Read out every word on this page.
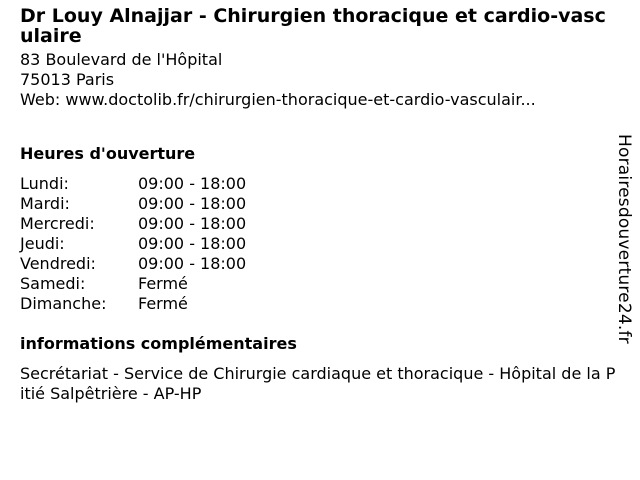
Dr Louy Alnajjar - Chirurgien thoracique et cardio-vasculaire
83 Boulevard de l'Hôpital
75013 Paris
Web: www.doctolib.fr/chirurgien-thoracique-et-cardio-vasculair...
Heures d'ouverture
Lundi:	09:00 - 18:00
Mardi:	09:00 - 18:00
Mercredi:	09:00 - 18:00
Jeudi:	09:00 - 18:00
Vendredi:	09:00 - 18:00
Samedi:	Fermé
Dimanche:	Fermé
informations complémentaires
Secrétariat - Service de Chirurgie cardiaque et thoracique - Hôpital de la Pitié Salpêtrière - AP-HP
Horairesdouverture24.fr
